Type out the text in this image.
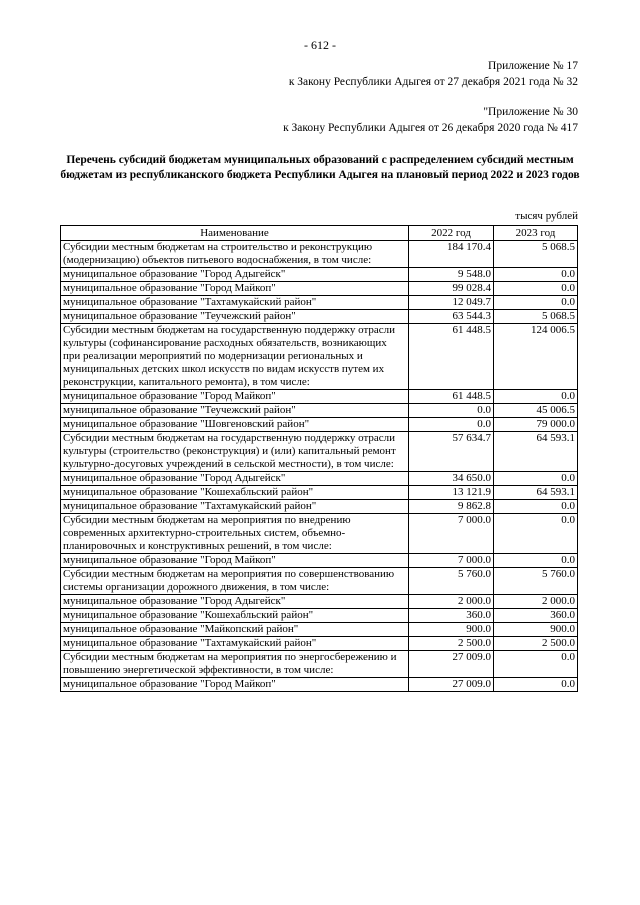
- 612 -
Приложение № 17
к Закону Республики Адыгея от 27 декабря 2021 года № 32
"Приложение № 30
к Закону Республики Адыгея от 26 декабря 2020 года № 417
Перечень субсидий бюджетам муниципальных образований с распределением субсидий местным бюджетам из республиканского бюджета Республики Адыгея на плановый период 2022 и 2023 годов
тысяч рублей
Наименование	2022 год	2023 год
Субсидии местным бюджетам на строительство и реконструкцию (модернизацию) объектов питьевого водоснабжения, в том числе:	184 170.4	5 068.5
муниципальное образование "Город Адыгейск"	9 548.0	0.0
муниципальное образование "Город Майкоп"	99 028.4	0.0
муниципальное образование "Тахтамукайский район"	12 049.7	0.0
муниципальное образование "Теучежский район"	63 544.3	5 068.5
Субсидии местным бюджетам на государственную поддержку отрасли культуры (софинансирование расходных обязательств, возникающих при реализации мероприятий по модернизации региональных и муниципальных детских школ искусств по видам искусств путем их реконструкции, капитального ремонта), в том числе:	61 448.5	124 006.5
муниципальное образование "Город Майкоп"	61 448.5	0.0
муниципальное образование "Теучежский район"	0.0	45 006.5
муниципальное образование "Шовгеновский район"	0.0	79 000.0
Субсидии местным бюджетам на государственную поддержку отрасли культуры (строительство (реконструкция) и (или) капитальный ремонт культурно-досуговых учреждений в сельской местности), в том числе:	57 634.7	64 593.1
муниципальное образование "Город Адыгейск"	34 650.0	0.0
муниципальное образование "Кошехабльский район"	13 121.9	64 593.1
муниципальное образование "Тахтамукайский район"	9 862.8	0.0
Субсидии местным бюджетам на мероприятия по внедрению современных архитектурно-строительных систем, объемно-планировочных и конструктивных решений, в том числе:	7 000.0	0.0
муниципальное образование "Город Майкоп"	7 000.0	0.0
Субсидии местным бюджетам на мероприятия по совершенствованию системы организации дорожного движения, в том числе:	5 760.0	5 760.0
муниципальное образование "Город Адыгейск"	2 000.0	2 000.0
муниципальное образование "Кошехабльский район"	360.0	360.0
муниципальное образование "Майкопский район"	900.0	900.0
муниципальное образование "Тахтамукайский район"	2 500.0	2 500.0
Субсидии местным бюджетам на мероприятия по энергосбережению и повышению энергетической эффективности, в том числе:	27 009.0	0.0
муниципальное образование "Город Майкоп"	27 009.0	0.0
